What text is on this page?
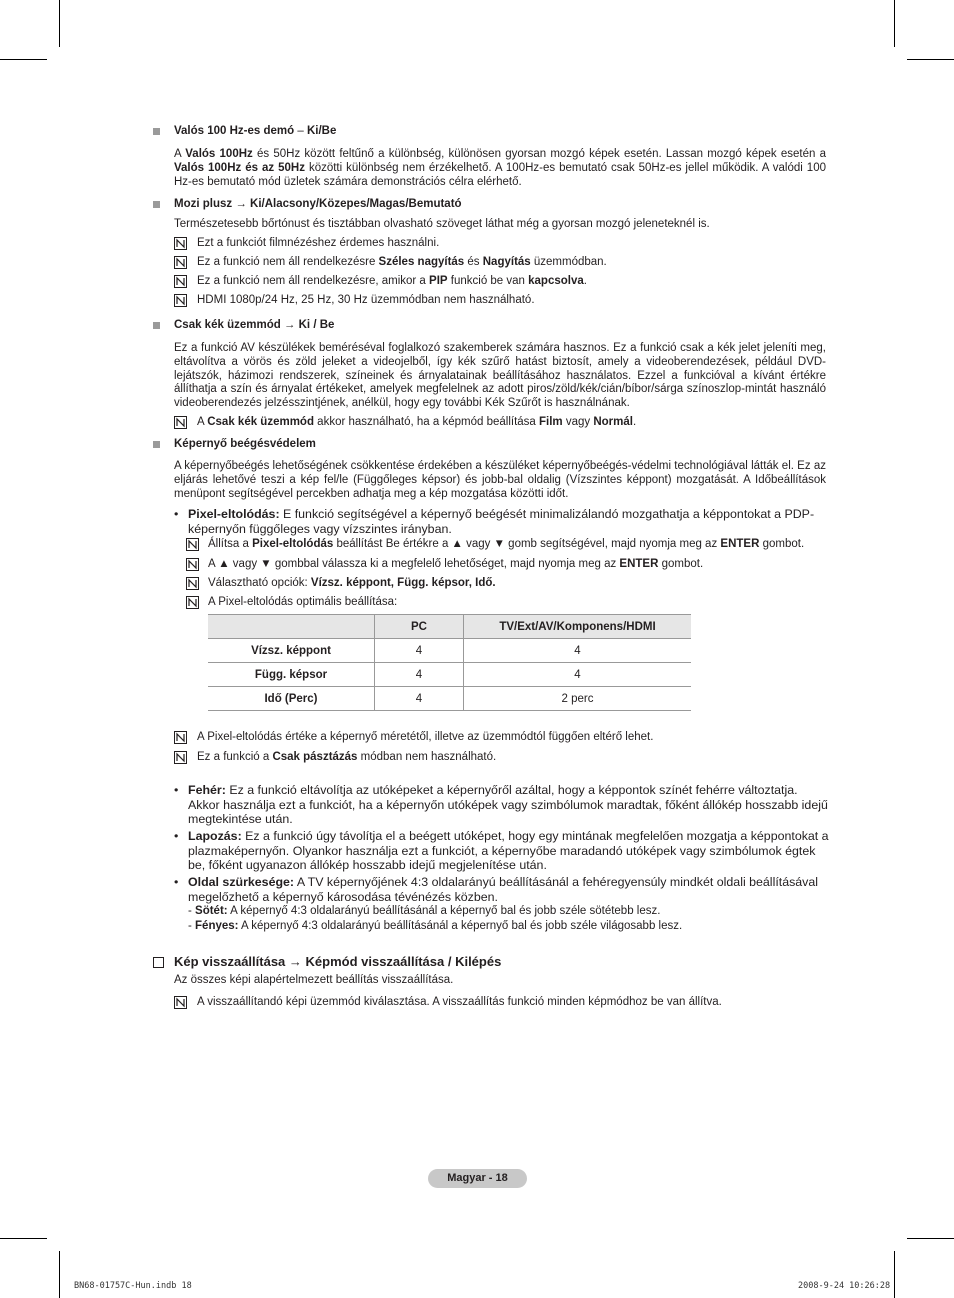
Valós 100 Hz-es demó – Ki/Be
A Valós 100Hz és 50Hz között feltűnő a különbség, különösen gyorsan mozgó képek esetén. Lassan mozgó képek esetén a Valós 100Hz és az 50Hz közötti különbség nem érzékelhető. A 100Hz-es bemutató csak 50Hz-es jellel működik. A valódi 100 Hz-es bemutató mód üzletek számára demonstrációs célra elérhető.
Mozi plusz → Ki/Alacsony/Közepes/Magas/Bemutató
Természetesebb bőrtónust és tisztábban olvasható szöveget láthat még a gyorsan mozgó jeleneteknél is.
Ezt a funkciót filmnézéshez érdemes használni.
Ez a funkció nem áll rendelkezésre Széles nagyítás és Nagyítás üzemmódban.
Ez a funkció nem áll rendelkezésre, amikor a PIP funkció be van kapcsolva.
HDMI 1080p/24 Hz, 25 Hz, 30 Hz üzemmódban nem használható.
Csak kék üzemmód → Ki / Be
Ez a funkció AV készülékek beméréséval foglalkozó szakemberek számára hasznos. Ez a funkció csak a kék jelet jeleníti meg, eltávolítva a vörös és zöld jeleket a videojelből, így kék szűrő hatást biztosít, amely a videoberendezések, például DVD-lejátszók, házimozi rendszerek, színeinek és árnyalatainak beállításához használatos. Ezzel a funkcióval a kívánt értékre állíthatja a szín és árnyalat értékeket, amelyek megfelelnek az adott piros/zöld/kék/cián/bíbor/sárga színoszlop-mintát használó videoberendezés jelzésszintjének, anélkül, hogy egy további Kék Szűrőt is használnának.
A Csak kék üzemmód akkor használható, ha a képmód beállítása Film vagy Normál.
Képernyő beégésvédelem
A képernyőbeégés lehetőségének csökkentése érdekében a készüléket képernyőbeégés-védelmi technológiával látták el. Ez az eljárás lehetővé teszi a kép fel/le (Függőleges képsor) és jobb-bal oldalig (Vízszintes képpont) mozgatását. A Időbeállítások menüpont segítségével percekben adhatja meg a kép mozgatása közötti időt.
• Pixel-eltolódás: E funkció segítségével a képernyő beégését minimalizálandó mozgathatja a képpontokat a PDP-képernyőn függőleges vagy vízszintes irányban.
Állítsa a Pixel-eltolódás beállítást Be értékre a ▲ vagy ▼ gomb segítségével, majd nyomja meg az ENTER gombot.
A ▲ vagy ▼ gombbal válassza ki a megfelelő lehetőséget, majd nyomja meg az ENTER gombot.
Választható opciók: Vízsz. képpont, Függ. képsor, Idő.
A Pixel-eltolódás optimális beállítása:
	PC	TV/Ext/AV/Komponens/HDMI
Vízsz. képpont	4	4
Függ. képsor	4	4
Idő (Perc)	4	2 perc
A Pixel-eltolódás értéke a képernyő méretétől, illetve az üzemmódtól függően eltérő lehet.
Ez a funkció a Csak pásztázás módban nem használható.
• Fehér: Ez a funkció eltávolítja az utóképeket a képernyőről azáltal, hogy a képpontok színét fehérre változtatja. Akkor használja ezt a funkciót, ha a képernyőn utóképek vagy szimbólumok maradtak, főként állókép hosszabb idejű megtekintése után.
• Lapozás: Ez a funkció úgy távolítja el a beégett utóképet, hogy egy mintának megfelelően mozgatja a képpontokat a plazmaképernyőn. Olyankor használja ezt a funkciót, a képernyőbe maradandó utóképek vagy szimbólumok égtek be, főként ugyanazon állókép hosszabb idejű megjelenítése után.
• Oldal szürkesége: A TV képernyőjének 4:3 oldalarányú beállításánál a fehéregyensúly mindkét oldali beállításával megelőzhető a képernyő károsodása tévénézés közben.
- Sötét: A képernyő 4:3 oldalarányú beállításánál a képernyő bal és jobb széle sötétebb lesz.
- Fényes: A képernyő 4:3 oldalarányú beállításánál a képernyő bal és jobb széle világosabb lesz.
Kép visszaállítása → Képmód visszaállítása / Kilépés
Az összes képi alapértelmezett beállítás visszaállítása.
A visszaállítandó képi üzemmód kiválasztása. A visszaállítás funkció minden képmódhoz be van állítva.
Magyar - 18
BN68-01757C-Hun.indb 18	2008-9-24 10:26:28
